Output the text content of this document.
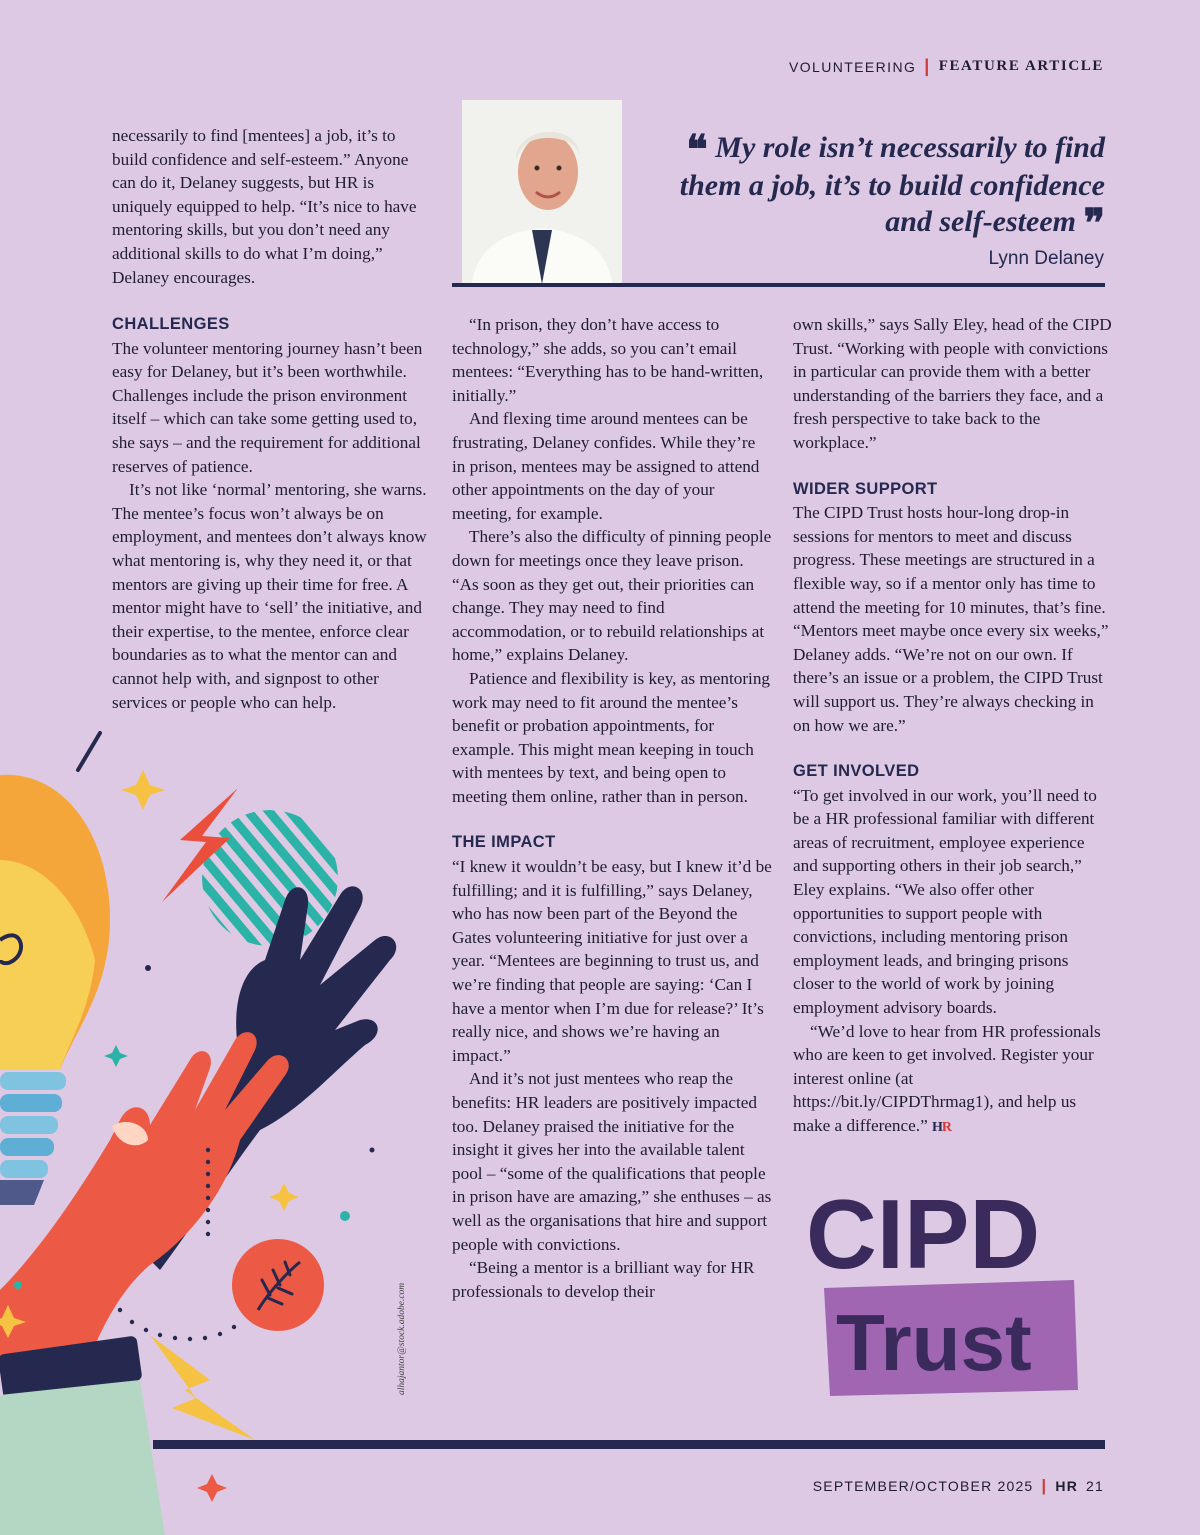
VOLUNTEERING | FEATURE ARTICLE
❝ My role isn’t necessarily to find them a job, it’s to build confidence and self-esteem ❞
Lynn Delaney

necessarily to find [mentees] a job, it’s to build confidence and self-esteem.” Anyone can do it, Delaney suggests, but HR is uniquely equipped to help. “It’s nice to have mentoring skills, but you don’t need any additional skills to do what I’m doing,” Delaney encourages.

CHALLENGES

The volunteer mentoring journey hasn’t been easy for Delaney, but it’s been worthwhile. Challenges include the prison environment itself – which can take some getting used to, she says – and the requirement for additional reserves of patience.

It’s not like ‘normal’ mentoring, she warns. The mentee’s focus won’t always be on employment, and mentees don’t always know what mentoring is, why they need it, or that mentors are giving up their time for free. A mentor might have to ‘sell’ the initiative, and their expertise, to the mentee, enforce clear boundaries as to what the mentor can and cannot help with, and signpost to other services or people who can help.

“In prison, they don’t have access to technology,” she adds, so you can’t email mentees: “Everything has to be hand-written, initially.”

And flexing time around mentees can be frustrating, Delaney confides. While they’re in prison, mentees may be assigned to attend other appointments on the day of your meeting, for example.

There’s also the difficulty of pinning people down for meetings once they leave prison. “As soon as they get out, their priorities can change. They may need to find accommodation, or to rebuild relationships at home,” explains Delaney.

Patience and flexibility is key, as mentoring work may need to fit around the mentee’s benefit or probation appointments, for example. This might mean keeping in touch with mentees by text, and being open to meeting them online, rather than in person.

THE IMPACT

“I knew it wouldn’t be easy, but I knew it’d be fulfilling; and it is fulfilling,” says Delaney, who has now been part of the Beyond the Gates volunteering initiative for just over a year. “Mentees are beginning to trust us, and we’re finding that people are saying: ‘Can I have a mentor when I’m due for release?’ It’s really nice, and shows we’re having an impact.”

And it’s not just mentees who reap the benefits: HR leaders are positively impacted too. Delaney praised the initiative for the insight it gives her into the available talent pool – “some of the qualifications that people in prison have are amazing,” she enthuses – as well as the organisations that hire and support people with convictions.

“Being a mentor is a brilliant way for HR professionals to develop their

own skills,” says Sally Eley, head of the CIPD Trust. “Working with people with convictions in particular can provide them with a better understanding of the barriers they face, and a fresh perspective to take back to the workplace.”

WIDER SUPPORT

The CIPD Trust hosts hour-long drop-in sessions for mentors to meet and discuss progress. These meetings are structured in a flexible way, so if a mentor only has time to attend the meeting for 10 minutes, that’s fine. “Mentors meet maybe once every six weeks,” Delaney adds. “We’re not on our own. If there’s an issue or a problem, the CIPD Trust will support us. They’re always checking in on how we are.”

GET INVOLVED

“To get involved in our work, you’ll need to be a HR professional familiar with different areas of recruitment, employee experience and supporting others in their job search,” Eley explains. “We also offer other opportunities to support people with convictions, including mentoring prison employment leads, and bringing prisons closer to the world of work by joining employment advisory boards.

“We’d love to hear from HR professionals who are keen to get involved. Register your interest online (at https://bit.ly/CIPDThrmag1), and help us make a difference.” HR

CIPD
Trust
alhajantor@stock.adobe.com
SEPTEMBER/OCTOBER 2025 | HR 21
